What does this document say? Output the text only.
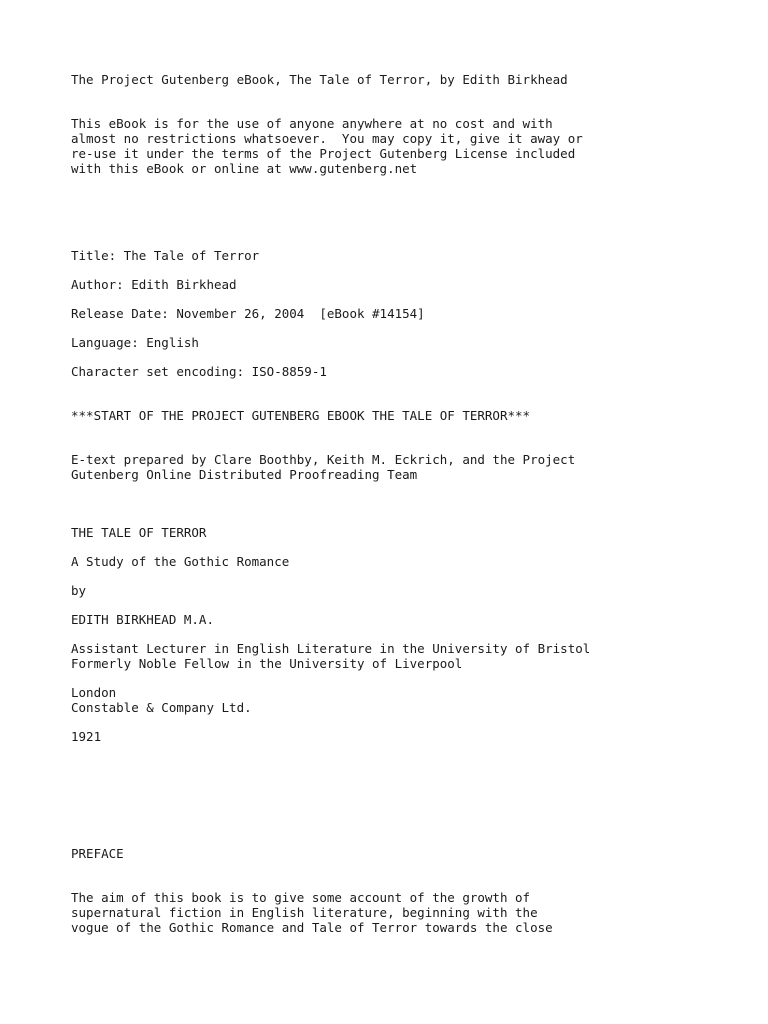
The Project Gutenberg eBook, The Tale of Terror, by Edith Birkhead
This eBook is for the use of anyone anywhere at no cost and with
almost no restrictions whatsoever.  You may copy it, give it away or
re-use it under the terms of the Project Gutenberg License included
with this eBook or online at www.gutenberg.net
Title: The Tale of Terror
Author: Edith Birkhead
Release Date: November 26, 2004  [eBook #14154]
Language: English
Character set encoding: ISO-8859-1
***START OF THE PROJECT GUTENBERG EBOOK THE TALE OF TERROR***
E-text prepared by Clare Boothby, Keith M. Eckrich, and the Project
Gutenberg Online Distributed Proofreading Team
THE TALE OF TERROR
A Study of the Gothic Romance
by
EDITH BIRKHEAD M.A.
Assistant Lecturer in English Literature in the University of Bristol
Formerly Noble Fellow in the University of Liverpool
London
Constable & Company Ltd.
1921
PREFACE
The aim of this book is to give some account of the growth of
supernatural fiction in English literature, beginning with the
vogue of the Gothic Romance and Tale of Terror towards the close
